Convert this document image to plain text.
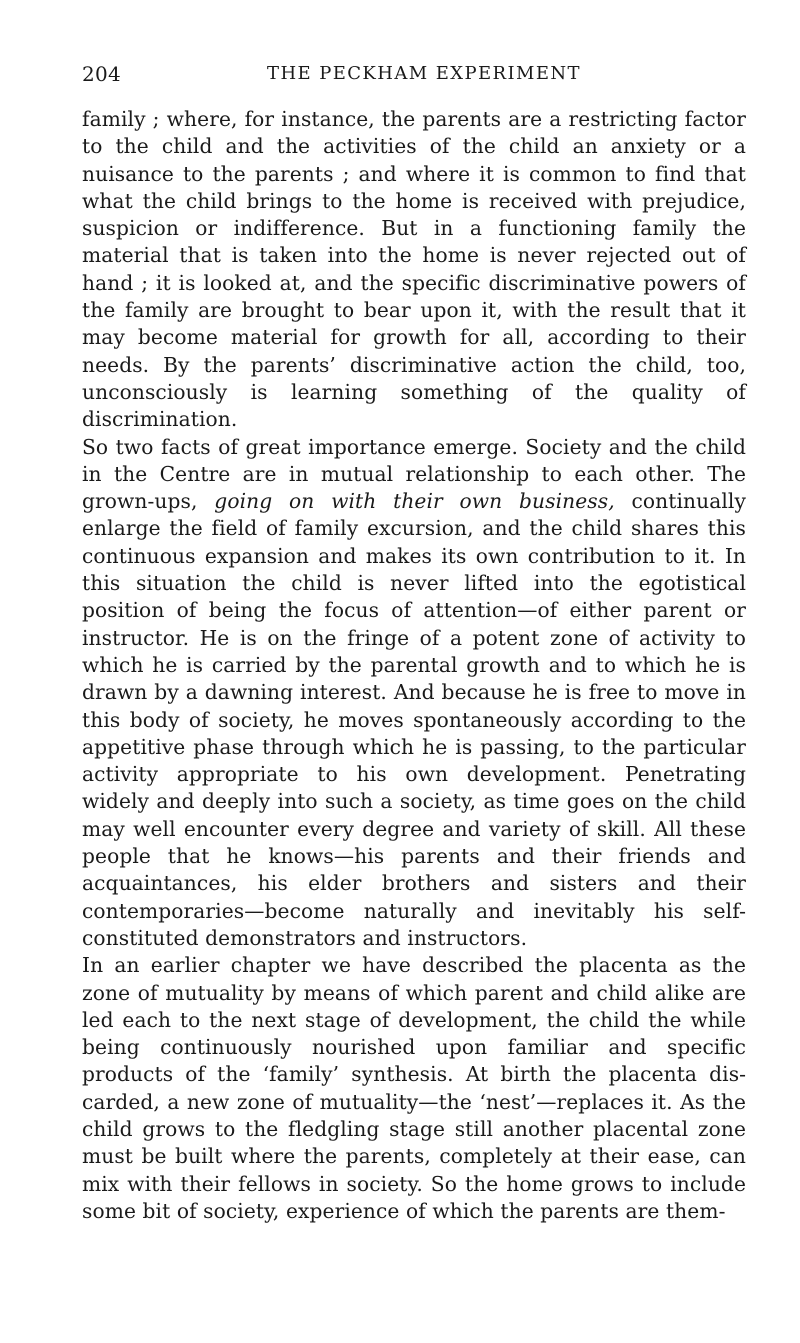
204	THE PECKHAM EXPERIMENT

family ; where, for instance, the parents are a restricting factor to the child and the activities of the child an anxiety or a nuisance to the parents ; and where it is common to find that what the child brings to the home is received with prejudice, suspicion or indifference. But in a functioning family the material that is taken into the home is never rejected out of hand ; it is looked at, and the specific discriminative powers of the family are brought to bear upon it, with the result that it may become material for growth for all, according to their needs. By the parents’ discriminative action the child, too, unconsciously is learning something of the quality of discrimination.

So two facts of great importance emerge. Society and the child in the Centre are in mutual relationship to each other. The grown-ups, going on with their own business, continually enlarge the field of family excursion, and the child shares this continuous expansion and makes its own contribution to it. In this situation the child is never lifted into the egotistical position of being the focus of attention—of either parent or instructor. He is on the fringe of a potent zone of activity to which he is carried by the parental growth and to which he is drawn by a dawning interest. And because he is free to move in this body of society, he moves spontaneously according to the appetitive phase through which he is passing, to the particular activity appropriate to his own development. Penetrating widely and deeply into such a society, as time goes on the child may well encounter every degree and variety of skill. All these people that he knows—his parents and their friends and acquaintances, his elder brothers and sisters and their contemporaries—become naturally and inevitably his self-constituted demonstrators and instructors.

In an earlier chapter we have described the placenta as the zone of mutuality by means of which parent and child alike are led each to the next stage of development, the child the while being continuously nourished upon familiar and specific products of the ‘family’ synthesis. At birth the placenta discarded, a new zone of mutuality—the ‘nest’—replaces it. As the child grows to the fledgling stage still another placental zone must be built where the parents, completely at their ease, can mix with their fellows in society. So the home grows to include some bit of society, experience of which the parents are them-
